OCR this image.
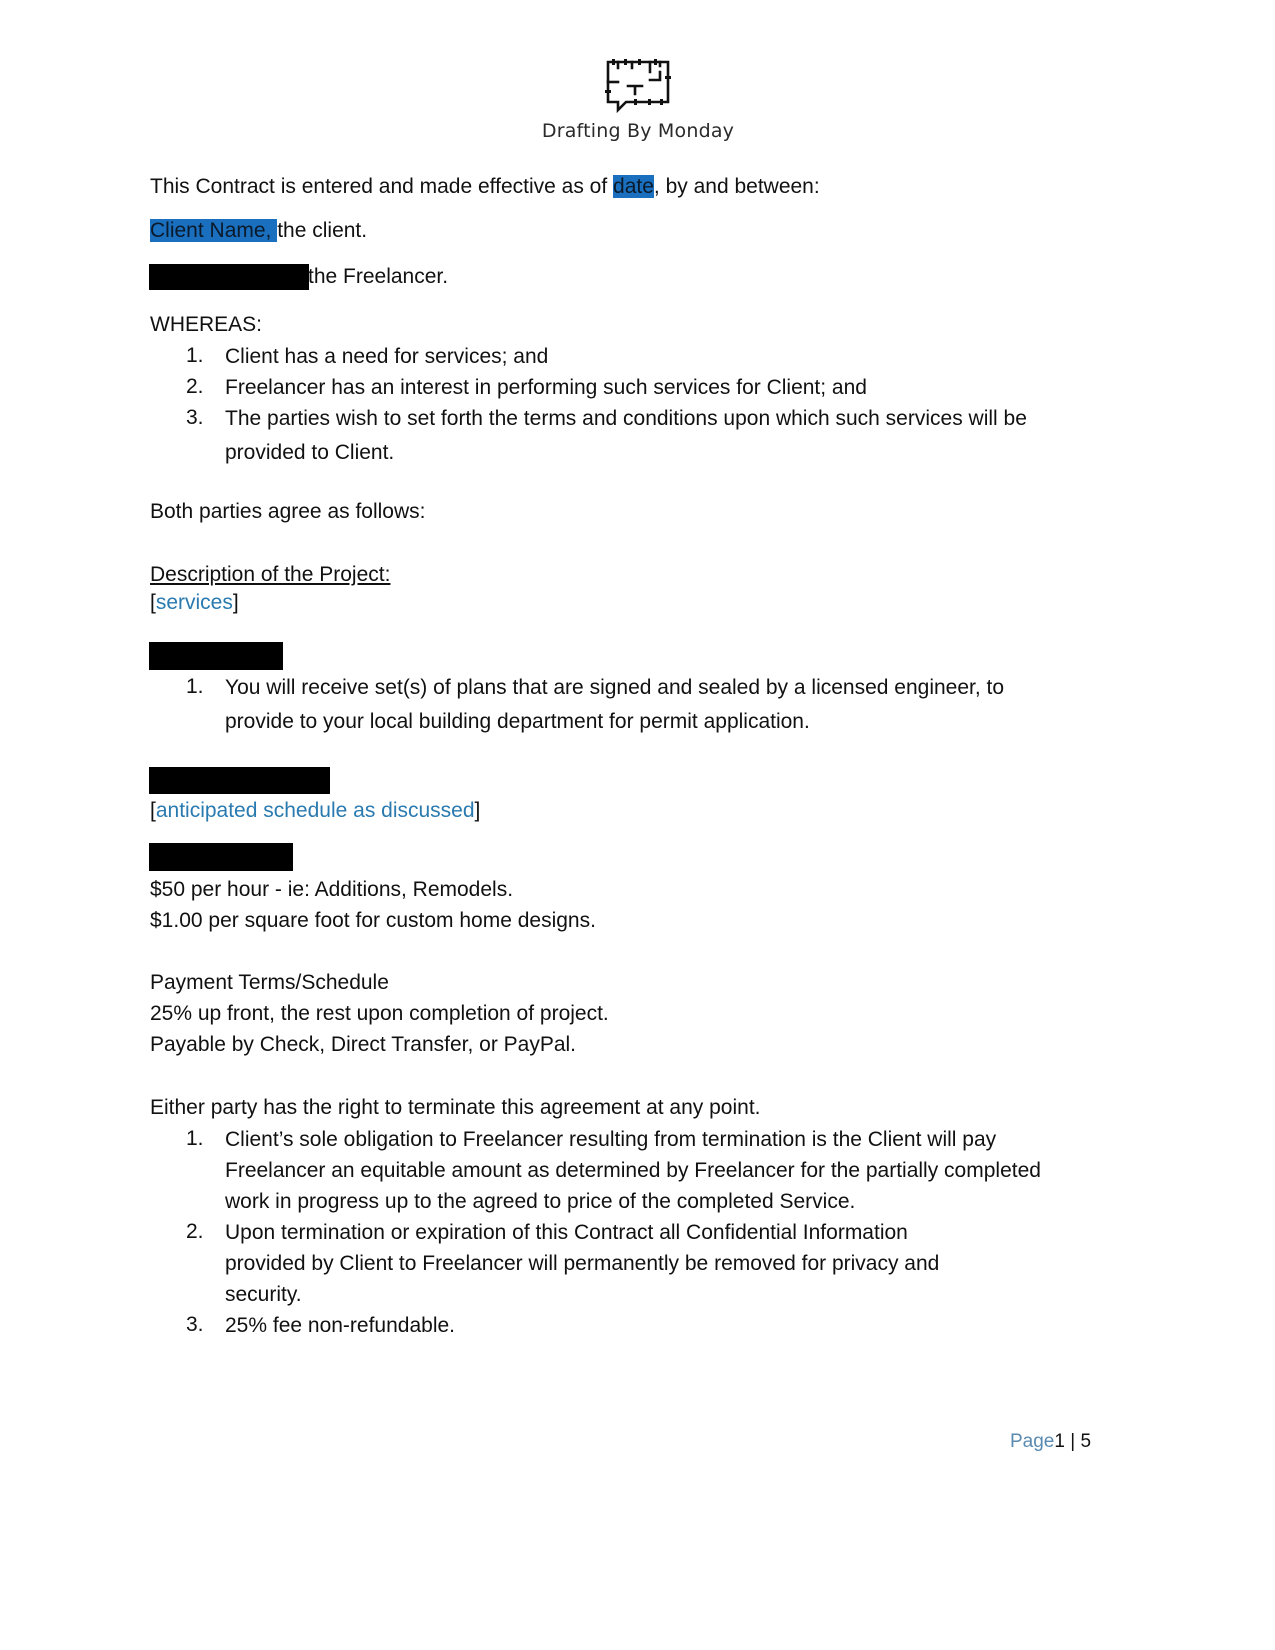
Drafting By Monday
This Contract is entered and made effective as of date, by and between:
Client Name, the client.
the Freelancer.
WHEREAS:
1. Client has a need for services; and
2. Freelancer has an interest in performing such services for Client; and
3. The parties wish to set forth the terms and conditions upon which such services will be
provided to Client.
Both parties agree as follows:
Description of the Project:
[services]
1. You will receive set(s) of plans that are signed and sealed by a licensed engineer, to
provide to your local building department for permit application.
[anticipated schedule as discussed]
$50 per hour - ie: Additions, Remodels.
$1.00 per square foot for custom home designs.
Payment Terms/Schedule
25% up front, the rest upon completion of project.
Payable by Check, Direct Transfer, or PayPal.
Either party has the right to terminate this agreement at any point.
1. Client’s sole obligation to Freelancer resulting from termination is the Client will pay
Freelancer an equitable amount as determined by Freelancer for the partially completed
work in progress up to the agreed to price of the completed Service.
2. Upon termination or expiration of this Contract all Confidential Information
provided by Client to Freelancer will permanently be removed for privacy and
security.
3. 25% fee non-refundable.
Page1 | 5
